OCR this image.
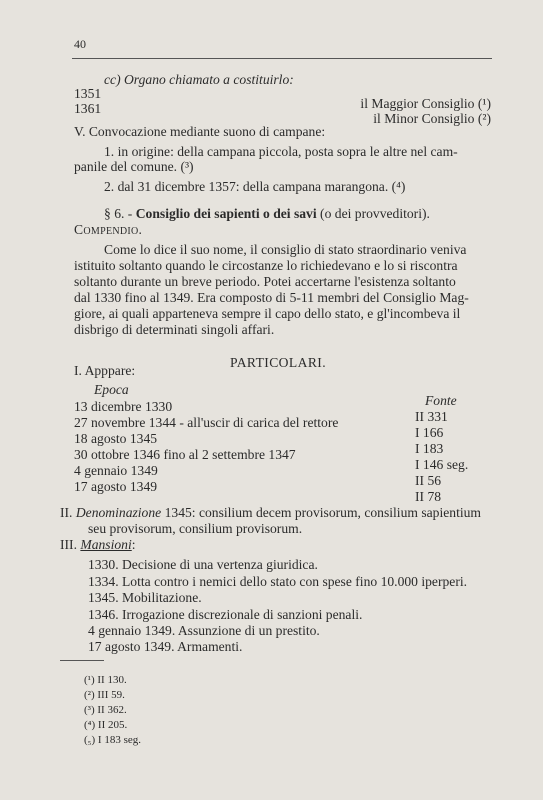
40
cc) Organo chiamato a costituirlo:
1351
1361	il Maggior Consiglio (¹)
il Minor Consiglio (²)
V. Convocazione mediante suono di campane:
1. in origine: della campana piccola, posta sopra le altre nel cam-
panile del comune. (³)
2. dal 31 dicembre 1357: della campana marangona. (⁴)
§ 6. - Consiglio dei sapienti o dei savi (o dei provveditori).
Compendio.
Come lo dice il suo nome, il consiglio di stato straordinario veniva
istituito soltanto quando le circostanze lo richiedevano e lo si riscontra
soltanto durante un breve periodo. Potei accertarne l'esistenza soltanto
dal 1330 fino al 1349. Era composto di 5-11 membri del Consiglio Mag-
giore, ai quali apparteneva sempre il capo dello stato, e gl'incombeva il
disbrigo di determinati singoli affari.
PARTICOLARI.
I. Apppare:
Epoca
Fonte
13 dicembre 1330
27 novembre 1344 - all'uscir di carica del rettore
18 agosto 1345
30 ottobre 1346 fino al 2 settembre 1347
4 gennaio 1349
17 agosto 1349
II 331
I 166
I 183
I 146 seg.
II 56
II 78
II. Denominazione 1345: consilium decem provisorum, consilium sapientium
seu provisorum, consilium provisorum.
III. Mansioni:
1330. Decisione di una vertenza giuridica.
1334. Lotta contro i nemici dello stato con spese fino 10.000 iperperi.
1345. Mobilitazione.
1346. Irrogazione discrezionale di sanzioni penali.
4 gennaio 1349. Assunzione di un prestito.
17 agosto 1349. Armamenti.
(¹) II 130.
(²) III 59.
(³) II 362.
(⁴) II 205.
(₅) I 183 seg.
